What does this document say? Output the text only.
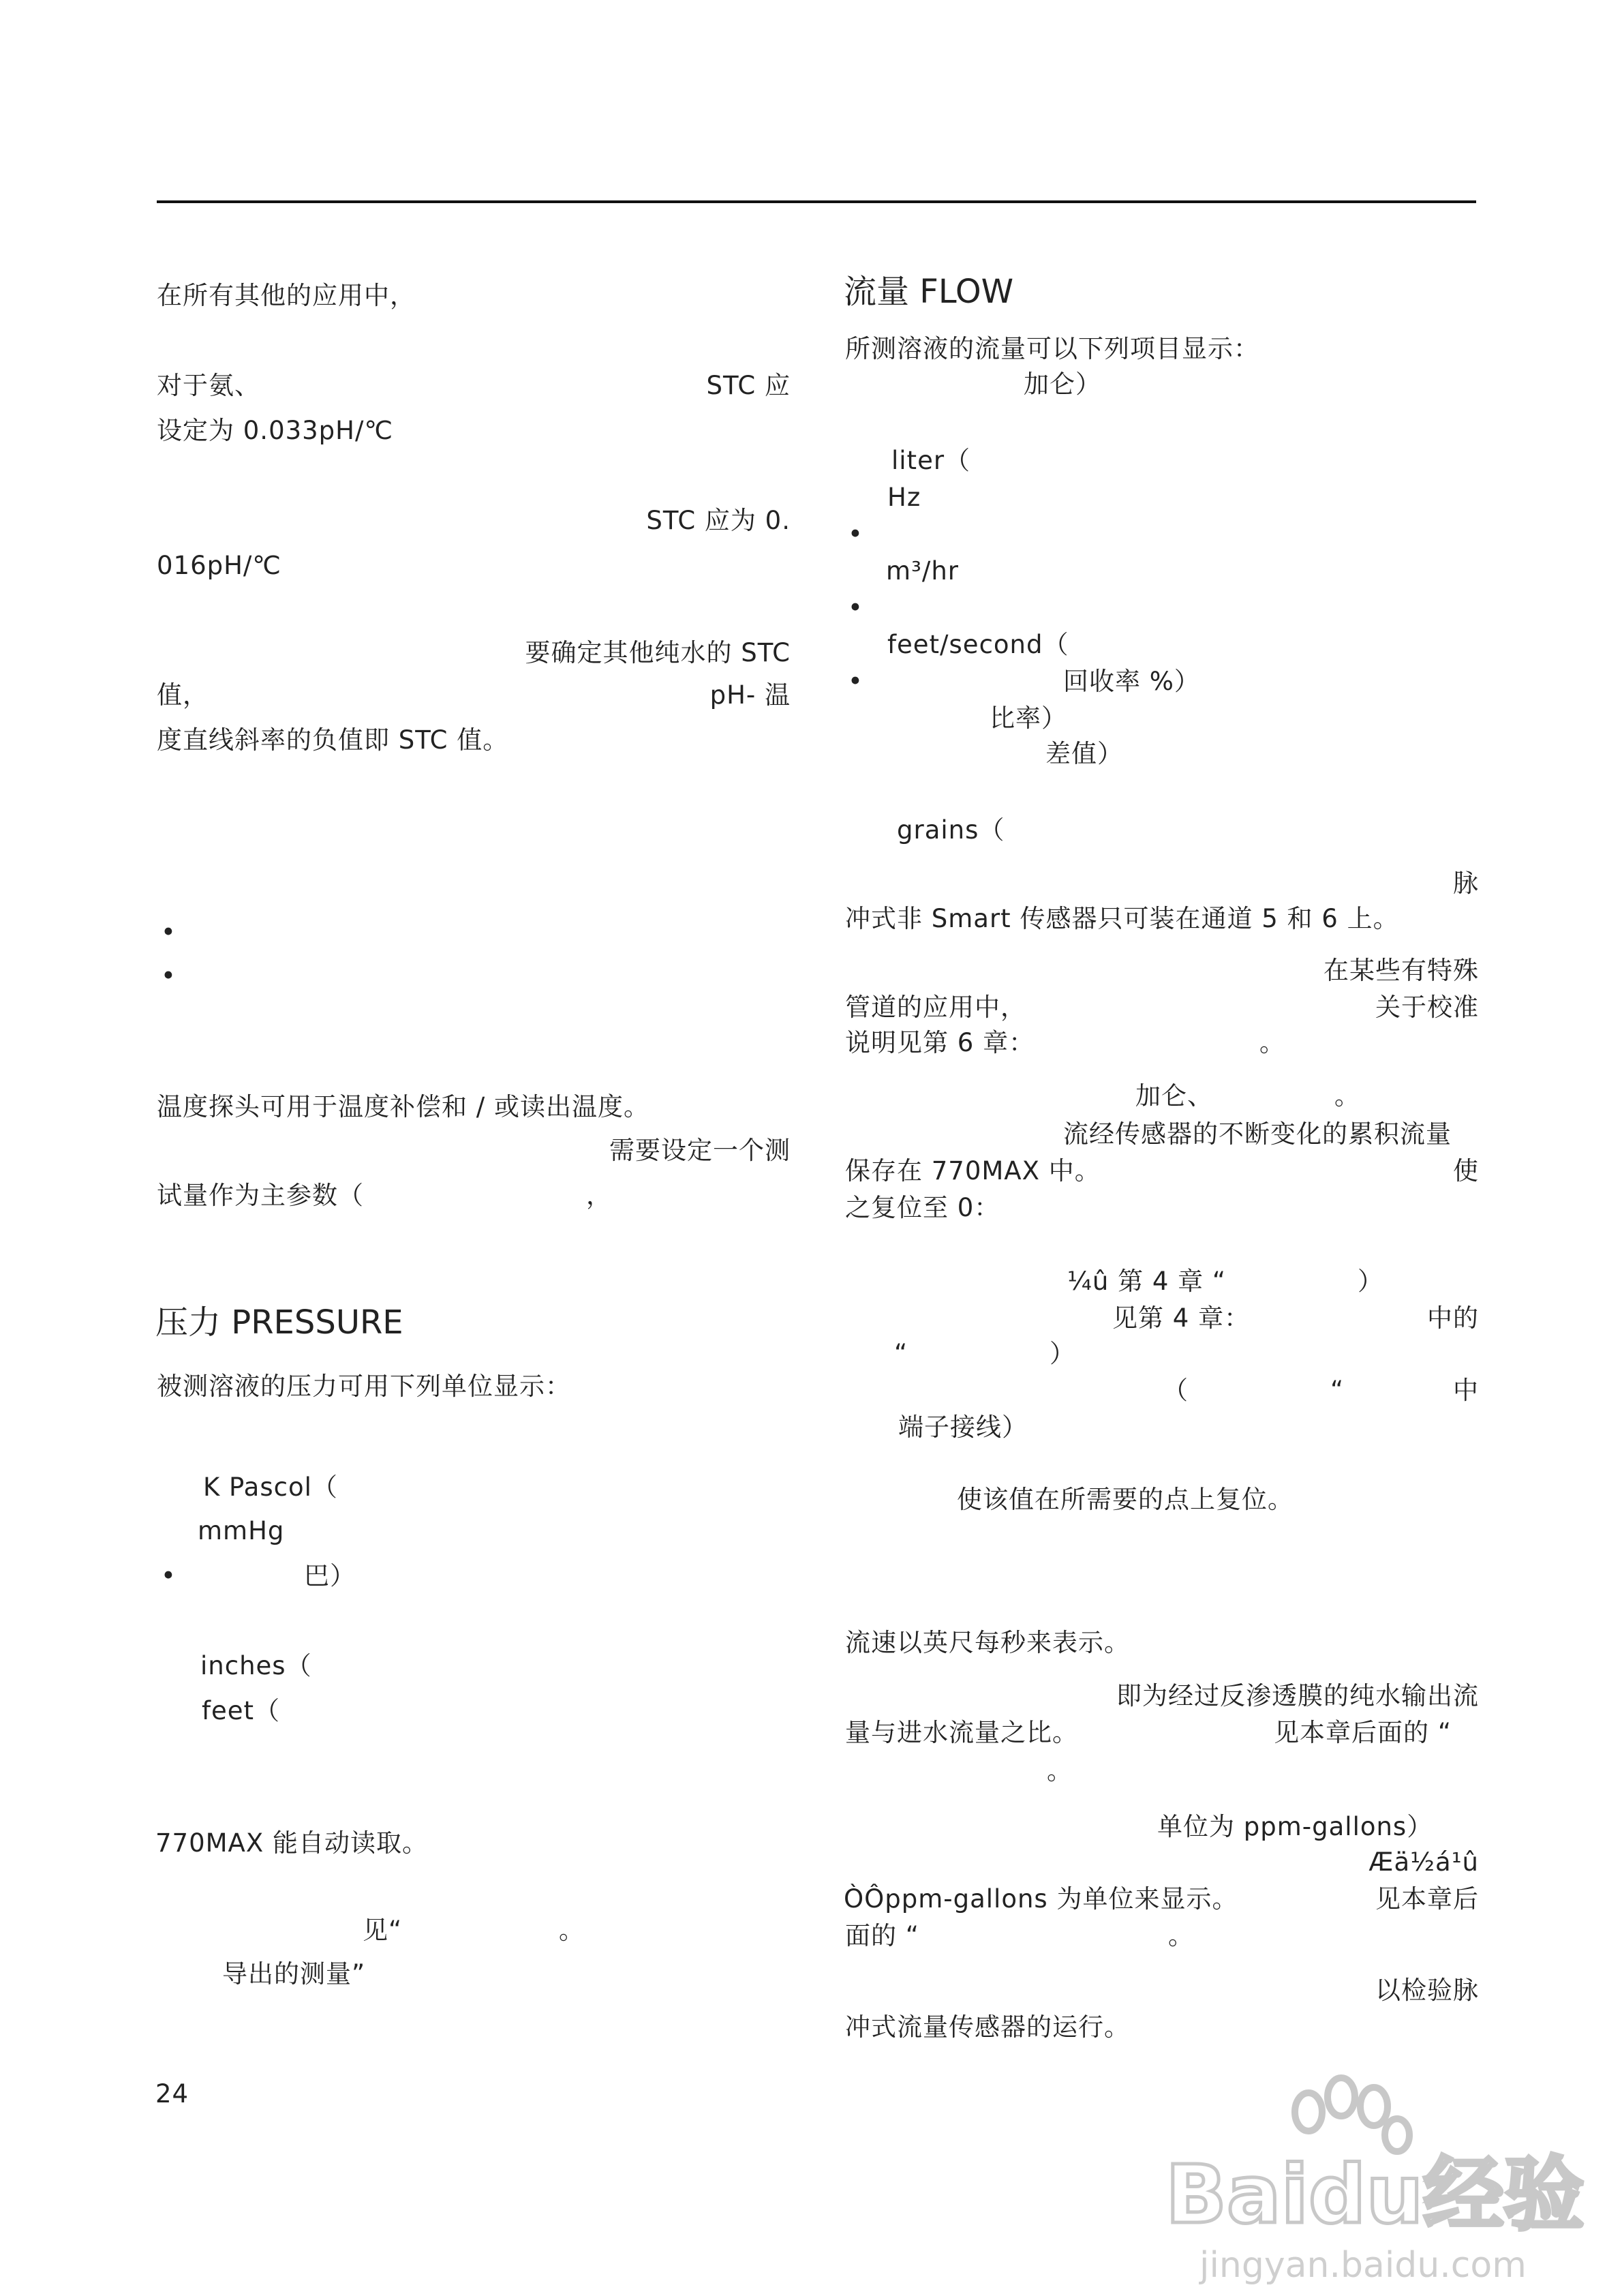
在所有其他的应用中，
对于氨、	STC 应
设定为 0.033pH/℃
STC 应为 0.
016pH/℃
要确定其他纯水的 STC
值，	pH- 温
度直线斜率的负值即 STC 值。
•
•
温度探头可用于温度补偿和 / 或读出温度。
需要设定一个测
试量作为主参数（	，
压力 PRESSURE
被测溶液的压力可用下列单位显示：
K Pascol（
mmHg
•	巴）
inches（
feet（
770MAX 能自动读取。
见“	。
导出的测量”
流量 FLOW
所测溶液的流量可以下列项目显示：
加仑）
liter（
Hz
•
m³/hr
•
feet/second（
•	回收率 %）
比率）
差值）
grains（
脉
冲式非 Smart 传感器只可装在通道 5 和 6 上。
在某些有特殊
管道的应用中，	关于校准
说明见第 6 章：	。
加仑、	。
流经传感器的不断变化的累积流量
保存在 770MAX 中。	使
之复位至 0：
¼û 第 4 章 “	）
见第 4 章：	中的
“	）
（	“	中
端子接线）
使该值在所需要的点上复位。
流速以英尺每秒来表示。
即为经过反渗透膜的纯水输出流
量与进水流量之比。	见本章后面的 “
。
单位为 ppm-gallons）
Æä½á¹û
ÒÔppm-gallons 为单位来显示。	见本章后
面的 “	。
以检验脉
冲式流量传感器的运行。
24
Baidu经验
jingyan.baidu.com
